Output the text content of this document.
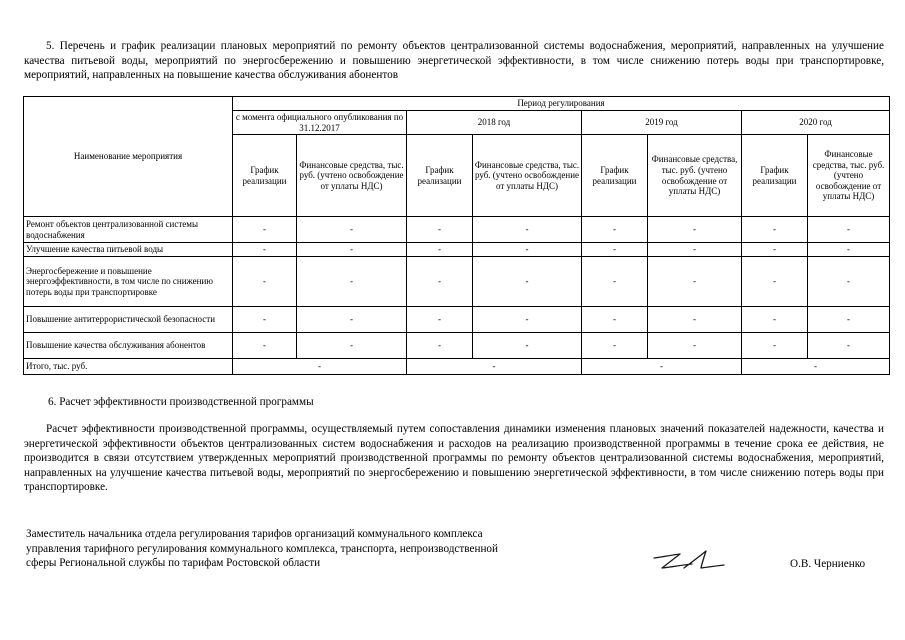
5. Перечень и график реализации плановых мероприятий по ремонту объектов централизованной системы водоснабжения, мероприятий, направленных на улучшение качества питьевой воды, мероприятий по энергосбережению и повышению энергетической эффективности, в том числе снижению потерь воды при транспортировке, мероприятий, направленных на повышение качества обслуживания абонентов

Наименование мероприятия	Период регулирования							
	с момента официального опубликования по 31.12.2017		2018 год		2019 год		2020 год	
	График реализации	Финансовые средства, тыс. руб. (учтено освобождение от уплаты НДС)	График реализации	Финансовые средства, тыс. руб. (учтено освобождение от уплаты НДС)	График реализации	Финансовые средства, тыс. руб. (учтено освобождение от уплаты НДС)	График реализации	Финансовые средства, тыс. руб. (учтено освобождение от уплаты НДС)
Ремонт объектов централизованной системы водоснабжения	-	-	-	-	-	-	-	-
Улучшение качества питьевой воды	-	-	-	-	-	-	-	-
Энергосбережение и повышение энергоэффективности, в том числе по снижению потерь воды при транспортировке	-	-	-	-	-	-	-	-
Повышение антитеррористической безопасности	-	-	-	-	-	-	-	-
Повышение качества обслуживания абонентов	-	-	-	-	-	-	-	-
Итого, тыс. руб.	-		-		-		-	

6. Расчет эффективности производственной программы

Расчет эффективности производственной программы, осуществляемый путем сопоставления динамики изменения плановых значений показателей надежности, качества и энергетической эффективности объектов централизованных систем водоснабжения и расходов на реализацию производственной программы в течение срока ее действия, не производится в связи отсутствием утвержденных мероприятий производственной программы по ремонту объектов централизованной системы водоснабжения, мероприятий, направленных на улучшение качества питьевой воды, мероприятий по энергосбережению и повышению энергетической эффективности, в том числе снижению потерь воды при транспортировке.

Заместитель начальника отдела регулирования тарифов организаций коммунального комплекса
управления тарифного регулирования коммунального комплекса, транспорта, непроизводственной
сферы Региональной службы по тарифам Ростовской области	О.В. Черниенко
